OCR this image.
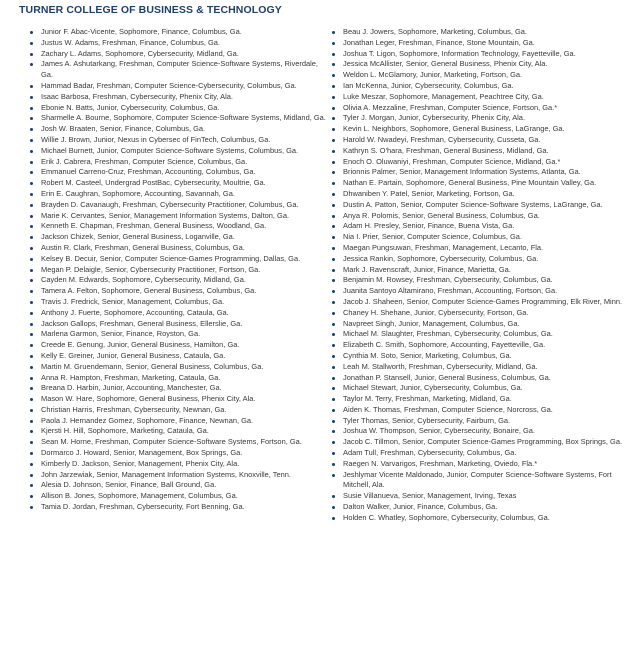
TURNER COLLEGE OF BUSINESS & TECHNOLOGY
Junior F. Abac-Vicente, Sophomore, Finance, Columbus, Ga.
Justus W. Adams, Freshman, Finance, Columbus, Ga.
Zachary L. Adams, Sophomore, Cybersecurity, Midland, Ga.
James A. Ashutarkang, Freshman, Computer Science-Software Systems, Riverdale, Ga.
Hammad Badar, Freshman, Computer Science-Cybersecurity, Columbus, Ga.
Isaac Barbosa, Freshman, Cybersecurity, Phenix City, Ala.
Ebonie N. Batts, Junior, Cybersecurity, Columbus, Ga.
Sharmelle A. Bourne, Sophomore, Computer Science-Software Systems, Midland, Ga.
Josh W. Braaten, Senior, Finance, Columbus, Ga.
Willie J. Brown, Junior, Nexus in Cybersec of FinTech, Columbus, Ga.
Michael Burnett, Junior, Computer Science-Software Systems, Columbus, Ga.
Erik J. Cabrera, Freshman, Computer Science, Columbus, Ga.
Emmanuel Carreno-Cruz, Freshman, Accounting, Columbus, Ga.
Robert M. Casteel, Undergrad PostBac, Cybersecurity, Moultrie, Ga.
Erin E. Caughran, Sophomore, Accounting, Savannah, Ga.
Brayden D. Cavanaugh, Freshman, Cybersecurity Practitioner, Columbus, Ga.
Marie K. Cervantes, Senior, Management Information Systems, Dalton, Ga.
Kenneth E. Chapman, Freshman, General Business, Woodland, Ga.
Jackson Chizek, Senior, General Business, Loganville, Ga.
Austin R. Clark, Freshman, General Business, Columbus, Ga.
Kelsey B. Decuir, Senior, Computer Science-Games Programming, Dallas, Ga.
Megan P. Delaigle, Senior, Cybersecurity Practitioner, Fortson, Ga.
Cayden M. Edwards, Sophomore, Cybersecurity, Midland, Ga.
Tamera A. Felton, Sophomore, General Business, Columbus, Ga.
Travis J. Fredrick, Senior, Management, Columbus, Ga.
Anthony J. Fuerte, Sophomore, Accounting, Cataula, Ga.
Jackson Gallops, Freshman, General Business, Ellerslie, Ga.
Marlena Garmon, Senior, Finance, Royston, Ga.
Creede E. Genung, Junior, General Business, Hamilton, Ga.
Kelly E. Greiner, Junior, General Business, Cataula, Ga.
Martin M. Gruendemann, Senior, General Business, Columbus, Ga.
Anna R. Hampton, Freshman, Marketing, Cataula, Ga.
Breana D. Harbin, Junior, Accounting, Manchester, Ga.
Mason W. Hare, Sophomore, General Business, Phenix City, Ala.
Christian Harris, Freshman, Cybersecurity, Newnan, Ga.
Paola J. Hernandez Gomez, Sophomore, Finance, Newnan, Ga.
Kjersti H. Hill, Sophomore, Marketing, Cataula, Ga.
Sean M. Horne, Freshman, Computer Science-Software Systems, Fortson, Ga.
Dormarco J. Howard, Senior, Management, Box Springs, Ga.
Kimberly D. Jackson, Senior, Management, Phenix City, Ala.
John Jarzewiak, Senior, Management Information Systems, Knoxville, Tenn.
Alesia D. Johnson, Senior, Finance, Ball Ground, Ga.
Allison B. Jones, Sophomore, Management, Columbus, Ga.
Tamia D. Jordan, Freshman, Cybersecurity, Fort Benning, Ga.
Beau J. Jowers, Sophomore, Marketing, Columbus, Ga.
Jonathan Leger, Freshman, Finance, Stone Mountain, Ga.
Joshua T. Ligon, Sophomore, Information Technology, Fayetteville, Ga.
Jessica McAllister, Senior, General Business, Phenix City, Ala.
Weldon L. McGlamory, Junior, Marketing, Fortson, Ga.
Ian McKenna, Junior, Cybersecurity, Columbus, Ga.
Luke Meszar, Sophomore, Management, Peachtree City, Ga.
Olivia A. Mezzaline, Freshman, Computer Science, Fortson, Ga.*
Tyler J. Morgan, Junior, Cybersecurity, Phenix City, Ala.
Kevin L. Neighbors, Sophomore, General Business, LaGrange, Ga.
Harold W. Nwadeyi, Freshman, Cybersecurity, Cusseta, Ga.
Kathryn S. O'hara, Freshman, General Business, Midland, Ga.
Enoch O. Oluwaniyi, Freshman, Computer Science, Midland, Ga.*
Brionnis Palmer, Senior, Management Information Systems, Atlanta, Ga.
Nathan E. Partain, Sophomore, General Business, Pine Mountain Valley, Ga.
Dhwaniben Y. Patel, Senior, Marketing, Fortson, Ga.
Dustin A. Patton, Senior, Computer Science-Software Systems, LaGrange, Ga.
Anya R. Polomis, Senior, General Business, Columbus, Ga.
Adam H. Presley, Senior, Finance, Buena Vista, Ga.
Nia I. Prier, Senior, Computer Science, Columbus, Ga.
Maegan Pungsuwan, Freshman, Management, Lecanto, Fla.
Jessica Rankin, Sophomore, Cybersecurity, Columbus, Ga.
Mark J. Ravenscraft, Junior, Finance, Marietta, Ga.
Benjamin M. Rowsey, Freshman, Cybersecurity, Columbus, Ga.
Juanita Santoyo Altamirano, Freshman, Accounting, Fortson, Ga.
Jacob J. Shaheen, Senior, Computer Science-Games Programming, Elk River, Minn.
Chaney H. Shehane, Junior, Cybersecurity, Fortson, Ga.
Navpreet Singh, Junior, Management, Columbus, Ga.
Michael M. Slaughter, Freshman, Cybersecurity, Columbus, Ga.
Elizabeth C. Smith, Sophomore, Accounting, Fayetteville, Ga.
Cynthia M. Soto, Senior, Marketing, Columbus, Ga.
Leah M. Stallworth, Freshman, Cybersecurity, Midland, Ga.
Jonathan P. Stansell, Junior, General Business, Columbus, Ga.
Michael Stewart, Junior, Cybersecurity, Columbus, Ga.
Taylor M. Terry, Freshman, Marketing, Midland, Ga.
Aiden K. Thomas, Freshman, Computer Science, Norcross, Ga.
Tyler Thomas, Senior, Cybersecurity, Fairburn, Ga.
Joshua W. Thompson, Senior, Cybersecurity, Bonaire, Ga.
Jacob C. Tillmon, Senior, Computer Science-Games Programming, Box Springs, Ga.
Adam Tull, Freshman, Cybersecurity, Columbus, Ga.
Raegen N. Varvarigos, Freshman, Marketing, Oviedo, Fla.*
Jeshlymar Vicente Maldonado, Junior, Computer Science-Software Systems, Fort Mitchell, Ala.
Susie Villanueva, Senior, Management, Irving, Texas
Dalton Walker, Junior, Finance, Columbus, Ga.
Holden C. Whatley, Sophomore, Cybersecurity, Columbus, Ga.
